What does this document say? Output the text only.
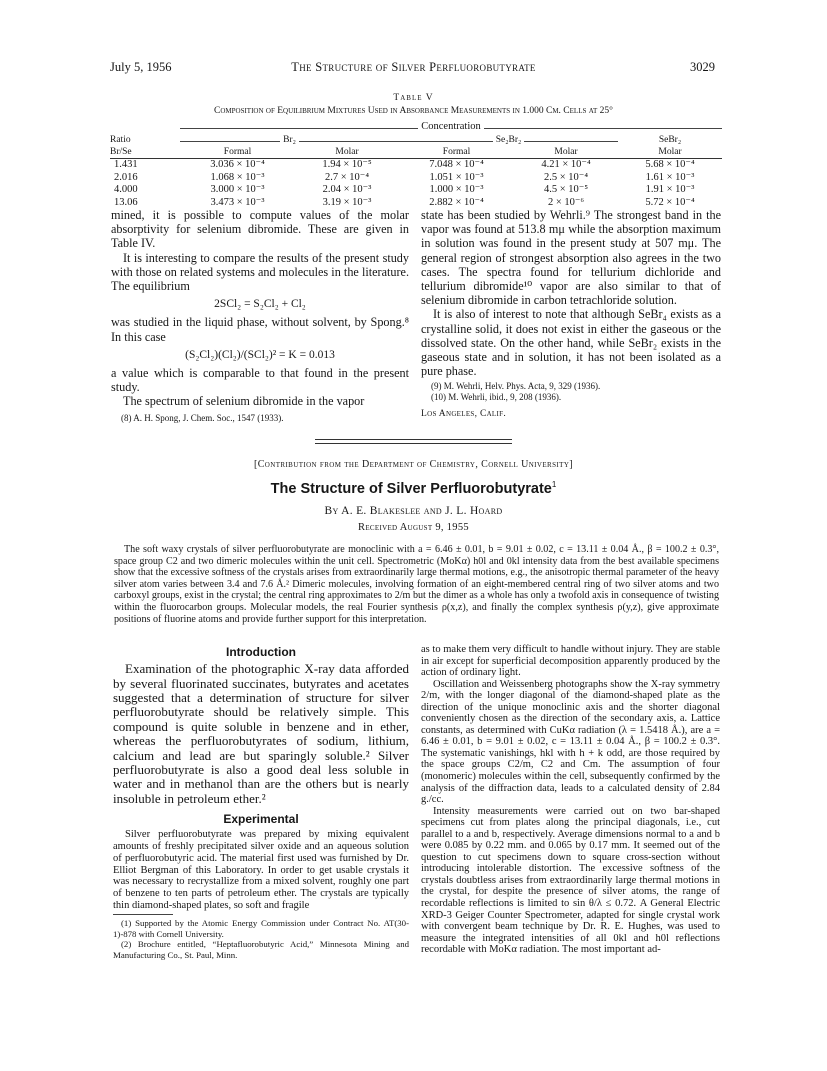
July 5, 1956	The Structure of Silver Perfluorobutyrate	3029
Table V
Composition of Equilibrium Mixtures Used in Absorbance Measurements in 1.000 Cm. Cells at 25°
	Concentration				
Ratio	Br₂		Se₂Br₂		SeBr₂
Br/Se	Formal	Molar	Formal	Molar	Molar
1.431	3.036 × 10⁻⁴	1.94 × 10⁻⁵	7.048 × 10⁻⁴	4.21 × 10⁻⁴	5.68 × 10⁻⁴
2.016	1.068 × 10⁻³	2.7 × 10⁻⁴	1.051 × 10⁻³	2.5 × 10⁻⁴	1.61 × 10⁻³
4.000	3.000 × 10⁻³	2.04 × 10⁻³	1.000 × 10⁻³	4.5 × 10⁻⁵	1.91 × 10⁻³
13.06	3.473 × 10⁻³	3.19 × 10⁻³	2.882 × 10⁻⁴	2 × 10⁻⁶	5.72 × 10⁻⁴

mined, it is possible to compute values of the molar absorptivity for selenium dibromide. These are given in Table IV.

It is interesting to compare the results of the present study with those on related systems and molecules in the literature. The equilibrium

2SCl₂ = S₂Cl₂ + Cl₂

was studied in the liquid phase, without solvent, by Spong.⁸ In this case

(S₂Cl₂)(Cl₂)/(SCl₂)² = K = 0.013

a value which is comparable to that found in the present study.

The spectrum of selenium dibromide in the vapor

(8) A. H. Spong, J. Chem. Soc., 1547 (1933).

state has been studied by Wehrli.⁹ The strongest band in the vapor was found at 513.8 mμ while the absorption maximum in solution was found in the present study at 507 mμ. The general region of strongest absorption also agrees in the two cases. The spectra found for tellurium dichloride and tellurium dibromide¹⁰ vapor are also similar to that of selenium dibromide in carbon tetrachloride solution.

It is also of interest to note that although SeBr₄ exists as a crystalline solid, it does not exist in either the gaseous or the dissolved state. On the other hand, while SeBr₂ exists in the gaseous state and in solution, it has not been isolated as a pure phase.

(9) M. Wehrli, Helv. Phys. Acta, 9, 329 (1936).

(10) M. Wehrli, ibid., 9, 208 (1936).

Los Angeles, Calif.

[Contribution from the Department of Chemistry, Cornell University]
The Structure of Silver Perfluorobutyrate$^1$
By A. E. Blakeslee and J. L. Hoard
Received August 9, 1955
The soft waxy crystals of silver perfluorobutyrate are monoclinic with a = 6.46 ± 0.01, b = 9.01 ± 0.02, c = 13.11 ± 0.04 Å., β = 100.2 ± 0.3°, space group C2 and two dimeric molecules within the unit cell. Spectrometric (MoKα) h0l and 0kl intensity data from the best available specimens show that the excessive softness of the crystals arises from extraordinarily large thermal motions, e.g., the anisotropic thermal parameter of the heavy silver atom varies between 3.4 and 7.6 Å.² Dimeric molecules, involving formation of an eight-membered central ring of two silver atoms and two carboxyl groups, exist in the crystal; the central ring approximates to 2/m but the dimer as a whole has only a twofold axis in consequence of twisting within the fluorocarbon groups. Molecular models, the real Fourier synthesis ρ(x,z), and finally the complex synthesis ρ(y,z), give approximate positions of fluorine atoms and provide further support for this interpretation.

Introduction

Examination of the photographic X-ray data afforded by several fluorinated succinates, butyrates and acetates suggested that a determination of structure for silver perfluorobutyrate should be relatively simple. This compound is quite soluble in benzene and in ether, whereas the perfluorobutyrates of sodium, lithium, calcium and lead are but sparingly soluble.² Silver perfluorobutyrate is also a good deal less soluble in water and in methanol than are the others but is nearly insoluble in petroleum ether.²

Experimental

Silver perfluorobutyrate was prepared by mixing equivalent amounts of freshly precipitated silver oxide and an aqueous solution of perfluorobutyric acid. The material first used was furnished by Dr. Elliot Bergman of this Laboratory. In order to get usable crystals it was necessary to recrystallize from a mixed solvent, roughly one part of benzene to ten parts of petroleum ether. The crystals are typically thin diamond-shaped plates, so soft and fragile

(1) Supported by the Atomic Energy Commission under Contract No. AT(30-1)-878 with Cornell University.

(2) Brochure entitled, “Heptafluorobutyric Acid,” Minnesota Mining and Manufacturing Co., St. Paul, Minn.

as to make them very difficult to handle without injury. They are stable in air except for superficial decomposition apparently produced by the action of ordinary light.

Oscillation and Weissenberg photographs show the X-ray symmetry 2/m, with the longer diagonal of the diamond-shaped plate as the direction of the unique monoclinic axis and the shorter diagonal conveniently chosen as the direction of the secondary axis, a. Lattice constants, as determined with CuKα radiation (λ = 1.5418 Å.), are a = 6.46 ± 0.01, b = 9.01 ± 0.02, c = 13.11 ± 0.04 Å., β = 100.2 ± 0.3°. The systematic vanishings, hkl with h + k odd, are those required by the space groups C2/m, C2 and Cm. The assumption of four (monomeric) molecules within the cell, subsequently confirmed by the analysis of the diffraction data, leads to a calculated density of 2.84 g./cc.

Intensity measurements were carried out on two bar-shaped specimens cut from plates along the principal diagonals, i.e., cut parallel to a and b, respectively. Average dimensions normal to a and b were 0.085 by 0.22 mm. and 0.065 by 0.17 mm. It seemed out of the question to cut specimens down to square cross-section without introducing intolerable distortion. The excessive softness of the crystals doubtless arises from extraordinarily large thermal motions in the crystal, for despite the presence of silver atoms, the range of recordable reflections is limited to sin θ/λ ≤ 0.72. A General Electric XRD-3 Geiger Counter Spectrometer, adapted for single crystal work with convergent beam technique by Dr. R. E. Hughes, was used to measure the integrated intensities of all 0kl and h0l reflections recordable with MoKα radiation. The most important ad-
